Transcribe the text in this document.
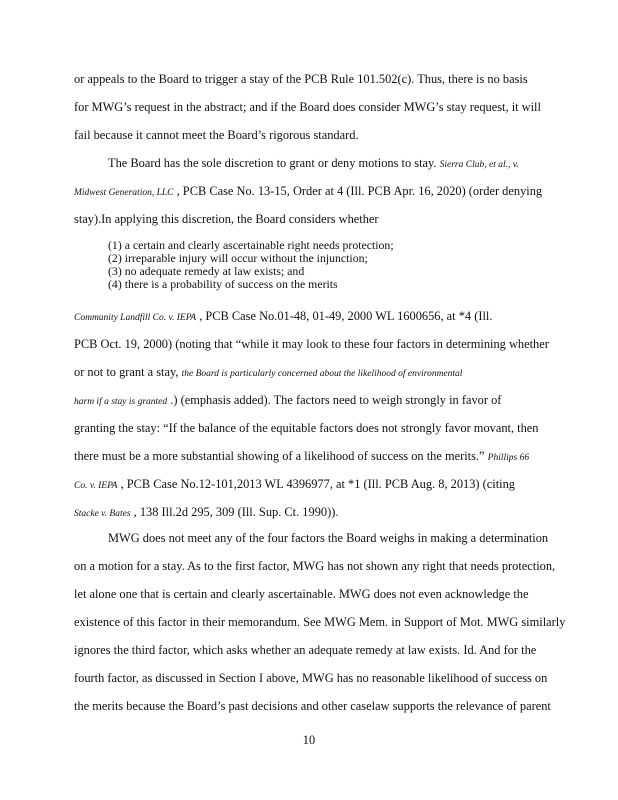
or appeals to the Board to trigger a stay of the PCB Rule 101.502(c). Thus, there is no basis
for MWG’s request in the abstract; and if the Board does consider MWG’s stay request, it will
fail because it cannot meet the Board’s rigorous standard.
The Board has the sole discretion to grant or deny motions to stay. Sierra Club, et al., v.
Midwest Generation, LLC , PCB Case No. 13-15, Order at 4 (Ill. PCB Apr. 16, 2020) (order denying
stay).In applying this discretion, the Board considers whether
(1) a certain and clearly ascertainable right needs protection;
(2) irreparable injury will occur without the injunction;
(3) no adequate remedy at law exists; and
(4) there is a probability of success on the merits
Community Landfill Co. v. IEPA , PCB Case No.01-48, 01-49, 2000 WL 1600656, at *4 (Ill.
PCB Oct. 19, 2000) (noting that “while it may look to these four factors in determining whether
or not to grant a stay, the Board is particularly concerned about the likelihood of environmental
harm if a stay is granted .) (emphasis added). The factors need to weigh strongly in favor of
granting the stay: “If the balance of the equitable factors does not strongly favor movant, then
there must be a more substantial showing of a likelihood of success on the merits.” Phillips 66
Co. v. IEPA , PCB Case No.12-101,2013 WL 4396977, at *1 (Ill. PCB Aug. 8, 2013) (citing
Stacke v. Bates , 138 Ill.2d 295, 309 (Ill. Sup. Ct. 1990)).
MWG does not meet any of the four factors the Board weighs in making a determination
on a motion for a stay. As to the first factor, MWG has not shown any right that needs protection,
let alone one that is certain and clearly ascertainable. MWG does not even acknowledge the
existence of this factor in their memorandum. See MWG Mem. in Support of Mot. MWG similarly
ignores the third factor, which asks whether an adequate remedy at law exists. Id. And for the
fourth factor, as discussed in Section I above, MWG has no reasonable likelihood of success on
the merits because the Board’s past decisions and other caselaw supports the relevance of parent
10
